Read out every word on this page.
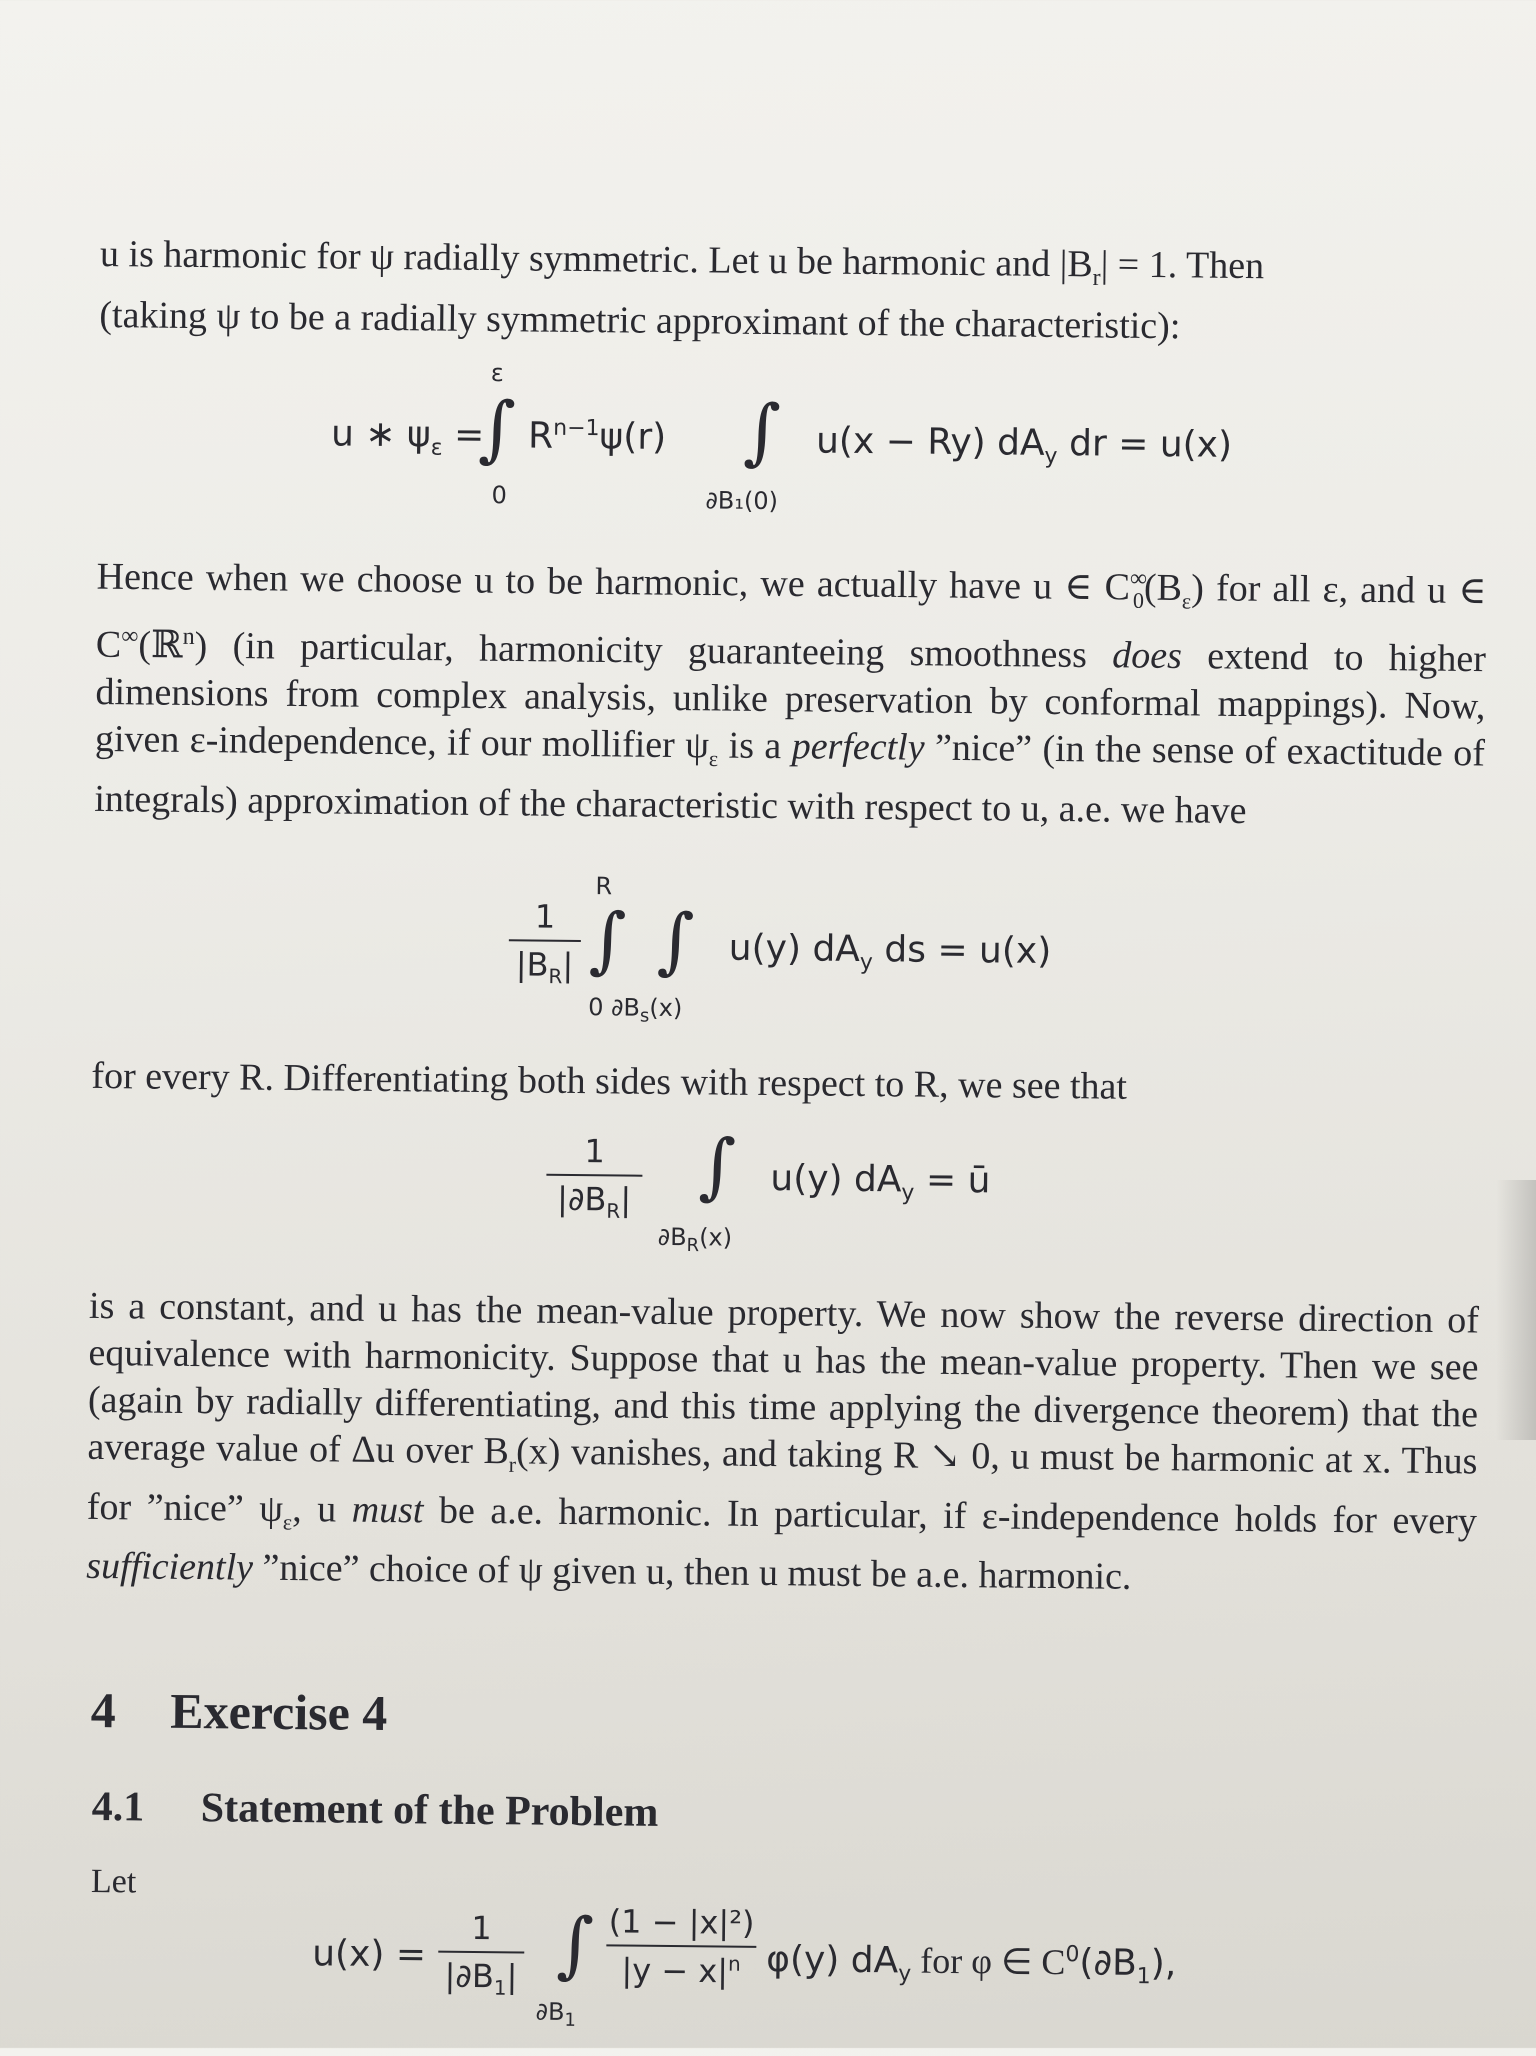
u is harmonic for ψ radially symmetric. Let u be harmonic and $|B_r| = 1$. Then
(taking ψ to be a radially symmetric approximant of the characteristic):
u ∗ $\psi_\varepsilon$ =
ε
∫
0
$R^{n-1}\psi(r)$ ∫
∂B₁(0)
u(x − Ry) $dA_y$ dr = u(x)
Hence when we choose u to be harmonic, we actually have u ∈ $C^\infty_0(B_\varepsilon)$ for all ε, and u ∈ C∞(ℝ$^n$) (in particular, harmonicity guaranteeing smoothness does extend to higher dimensions from complex analysis, unlike preservation by conformal mappings). Now, given ε-independence, if our mollifier $\psi_\varepsilon$ is a perfectly ”nice” (in the sense of exactitude of integrals) approximation of the characteristic with respect to u, a.e. we have
1
$|B_R|$
R
∫ ∫
0 $\partial B_s(x)$
u(y) $dA_y$ ds = u(x)
for every R. Differentiating both sides with respect to R, we see that
1
$|\partial B_R|$ ∫
$\partial B_R(x)$
u(y) $dA_y$ = ū
is a constant, and u has the mean-value property. We now show the reverse direction of equivalence with harmonicity. Suppose that u has the mean-value property. Then we see (again by radially differentiating, and this time applying the divergence theorem) that the average value of Δu over $B_r(x)$ vanishes, and taking R ↘ 0, u must be harmonic at x. Thus for ”nice” $\psi_\varepsilon$, u must be a.e. harmonic. In particular, if ε-independence holds for every sufficiently ”nice” choice of ψ given u, then u must be a.e. harmonic.
4 Exercise 4
4.1 Statement of the Problem
Let
u(x) =
1
$|\partial B_1|$ ∫
$\partial B_1$
(1 − |x|²)
$|y - x|^n$ φ(y) $dA_y$ for φ ∈ $C^0(\partial B_1)$,
